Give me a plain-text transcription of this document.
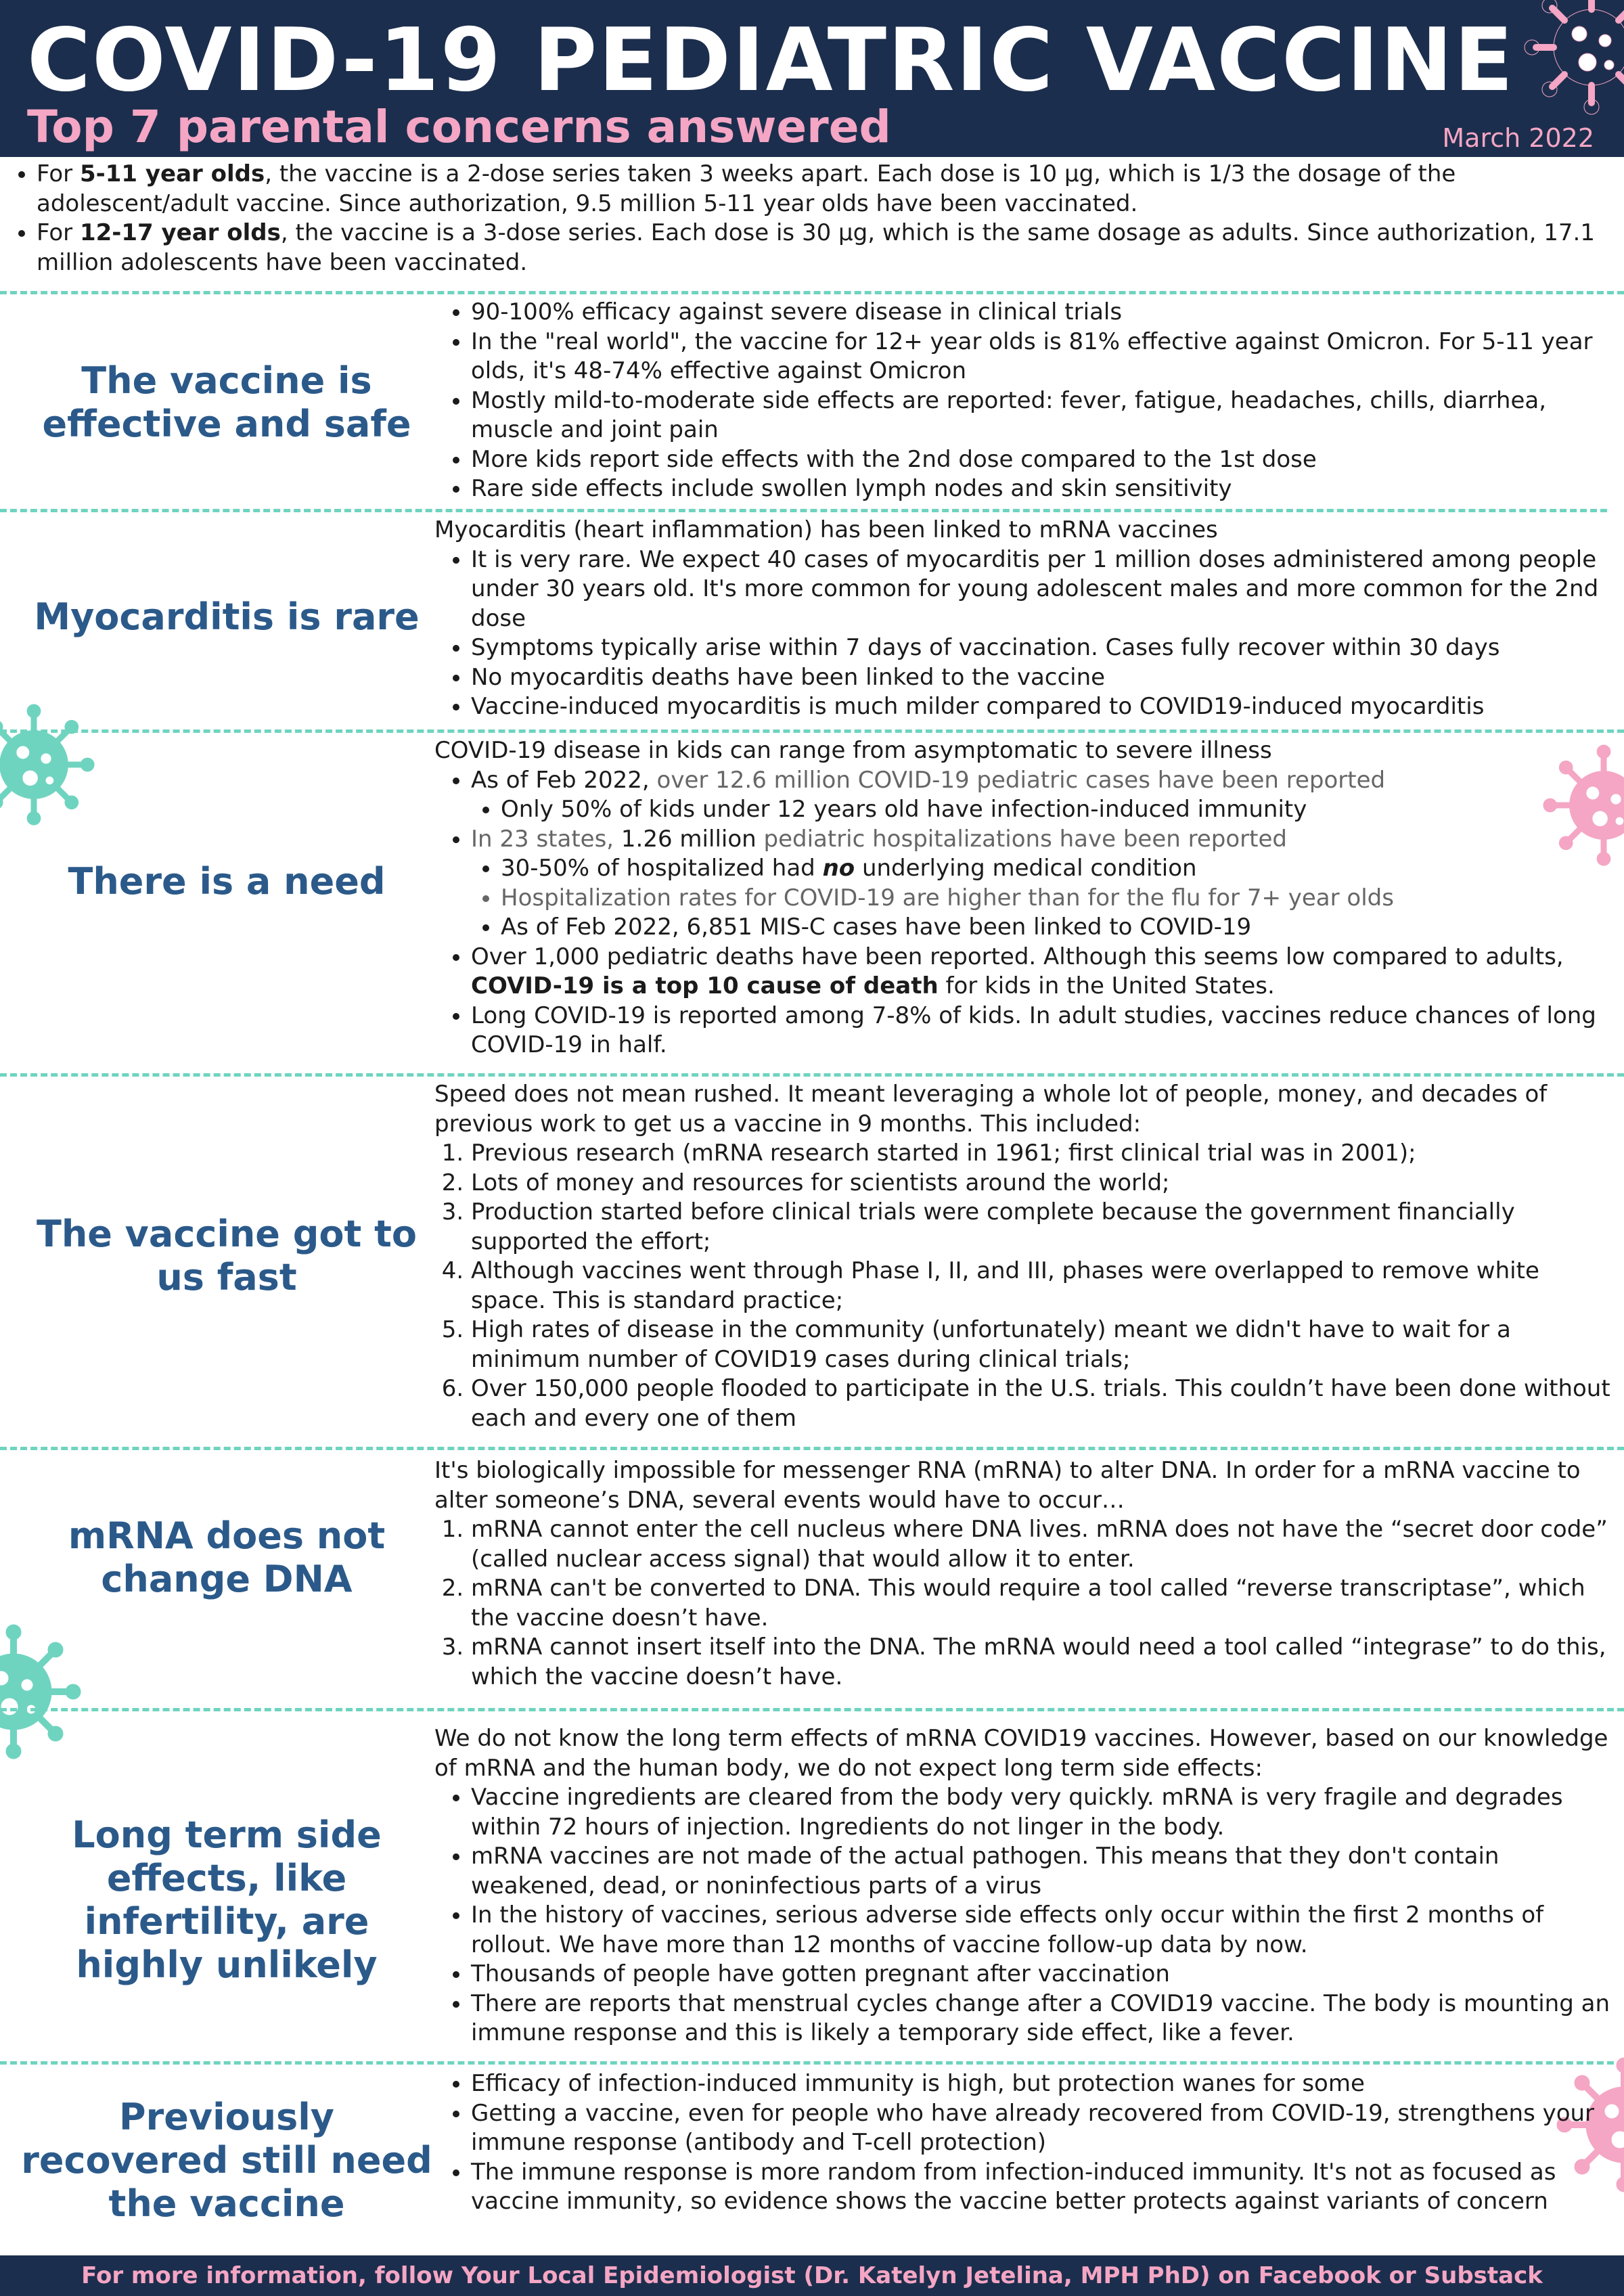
COVID-19 PEDIATRIC VACCINE
Top 7 parental concerns answered	March 2022
• For 5-11 year olds, the vaccine is a 2-dose series taken 3 weeks apart. Each dose is 10 µg, which is 1/3 the dosage of the adolescent/adult vaccine. Since authorization, 9.5 million 5-11 year olds have been vaccinated.
• For 12-17 year olds, the vaccine is a 3-dose series. Each dose is 30 µg, which is the same dosage as adults. Since authorization, 17.1 million adolescents have been vaccinated.
The vaccine is effective and safe
• 90-100% efficacy against severe disease in clinical trials
• In the "real world", the vaccine for 12+ year olds is 81% effective against Omicron. For 5-11 year olds, it's 48-74% effective against Omicron
• Mostly mild-to-moderate side effects are reported: fever, fatigue, headaches, chills, diarrhea, muscle and joint pain
• More kids report side effects with the 2nd dose compared to the 1st dose
• Rare side effects include swollen lymph nodes and skin sensitivity
Myocarditis is rare

Myocarditis (heart inflammation) has been linked to mRNA vaccines

• It is very rare. We expect 40 cases of myocarditis per 1 million doses administered among people under 30 years old. It's more common for young adolescent males and more common for the 2nd dose
• Symptoms typically arise within 7 days of vaccination. Cases fully recover within 30 days
• No myocarditis deaths have been linked to the vaccine
• Vaccine-induced myocarditis is much milder compared to COVID19-induced myocarditis
There is a need

COVID-19 disease in kids can range from asymptomatic to severe illness

• As of Feb 2022, over 12.6 million COVID-19 pediatric cases have been reported
• Only 50% of kids under 12 years old have infection-induced immunity
• In 23 states, 1.26 million pediatric hospitalizations have been reported
• 30-50% of hospitalized had no underlying medical condition
• Hospitalization rates for COVID-19 are higher than for the flu for 7+ year olds
• As of Feb 2022, 6,851 MIS-C cases have been linked to COVID-19
• Over 1,000 pediatric deaths have been reported. Although this seems low compared to adults, COVID-19 is a top 10 cause of death for kids in the United States.
• Long COVID-19 is reported among 7-8% of kids. In adult studies, vaccines reduce chances of long COVID-19 in half.
The vaccine got to us fast

Speed does not mean rushed. It meant leveraging a whole lot of people, money, and decades of previous work to get us a vaccine in 9 months. This included:

1. Previous research (mRNA research started in 1961; first clinical trial was in 2001);
2. Lots of money and resources for scientists around the world;
3. Production started before clinical trials were complete because the government financially supported the effort;
4. Although vaccines went through Phase I, II, and III, phases were overlapped to remove white space. This is standard practice;
5. High rates of disease in the community (unfortunately) meant we didn't have to wait for a minimum number of COVID19 cases during clinical trials;
6. Over 150,000 people flooded to participate in the U.S. trials. This couldn’t have been done without each and every one of them
mRNA does not change DNA

It's biologically impossible for messenger RNA (mRNA) to alter DNA. In order for a mRNA vaccine to alter someone’s DNA, several events would have to occur…

1. mRNA cannot enter the cell nucleus where DNA lives. mRNA does not have the “secret door code” (called nuclear access signal) that would allow it to enter.
2. mRNA can't be converted to DNA. This would require a tool called “reverse transcriptase”, which the vaccine doesn’t have.
3. mRNA cannot insert itself into the DNA. The mRNA would need a tool called “integrase” to do this, which the vaccine doesn’t have.
Long term side effects, like infertility, are highly unlikely

We do not know the long term effects of mRNA COVID19 vaccines. However, based on our knowledge of mRNA and the human body, we do not expect long term side effects:

• Vaccine ingredients are cleared from the body very quickly. mRNA is very fragile and degrades within 72 hours of injection. Ingredients do not linger in the body.
• mRNA vaccines are not made of the actual pathogen. This means that they don't contain weakened, dead, or noninfectious parts of a virus
• In the history of vaccines, serious adverse side effects only occur within the first 2 months of rollout. We have more than 12 months of vaccine follow-up data by now.
• Thousands of people have gotten pregnant after vaccination
• There are reports that menstrual cycles change after a COVID19 vaccine. The body is mounting an immune response and this is likely a temporary side effect, like a fever.
Previously recovered still need the vaccine
• Efficacy of infection-induced immunity is high, but protection wanes for some
• Getting a vaccine, even for people who have already recovered from COVID-19, strengthens your immune response (antibody and T-cell protection)
• The immune response is more random from infection-induced immunity. It's not as focused as vaccine immunity, so evidence shows the vaccine better protects against variants of concern
For more information, follow Your Local Epidemiologist (Dr. Katelyn Jetelina, MPH PhD) on Facebook or Substack
